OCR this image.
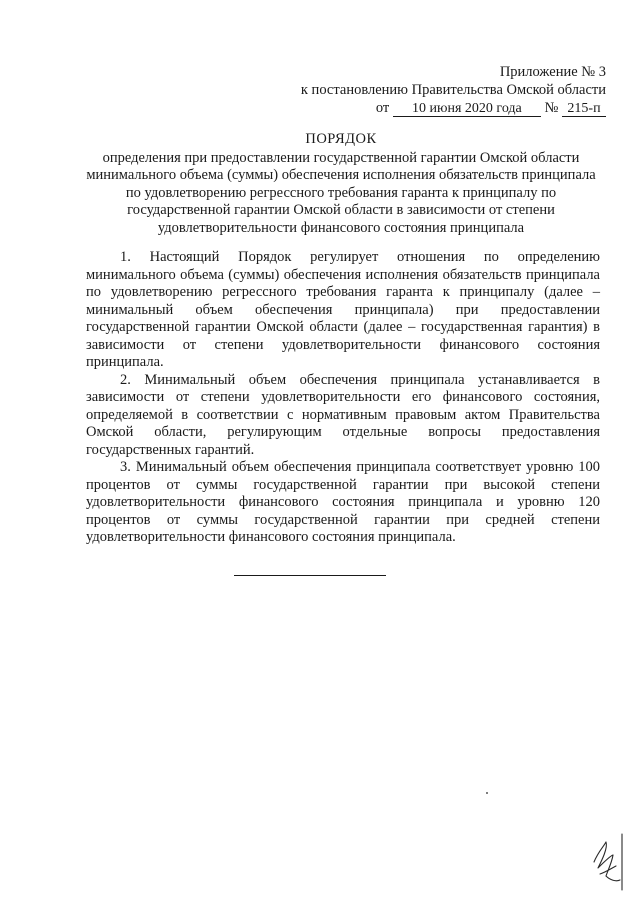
Приложение № 3
к постановлению Правительства Омской области
от 10 июня 2020 года № 215-п
ПОРЯДОК
определения при предоставлении государственной гарантии Омской области минимального объема (суммы) обеспечения исполнения обязательств принципала по удовлетворению регрессного требования гаранта к принципалу по государственной гарантии Омской области в зависимости от степени удовлетворительности финансового состояния принципала

1. Настоящий Порядок регулирует отношения по определению минимального объема (суммы) обеспечения исполнения обязательств принципала по удовлетворению регрессного требования гаранта к принципалу (далее – минимальный объем обеспечения принципала) при предоставлении государственной гарантии Омской области (далее – государственная гарантия) в зависимости от степени удовлетворительности финансового состояния принципала.

2. Минимальный объем обеспечения принципала устанавливается в зависимости от степени удовлетворительности его финансового состояния, определяемой в соответствии с нормативным правовым актом Правительства Омской области, регулирующим отдельные вопросы предоставления государственных гарантий.

3. Минимальный объем обеспечения принципала соответствует уровню 100 процентов от суммы государственной гарантии при высокой степени удовлетворительности финансового состояния принципала и уровню 120 процентов от суммы государственной гарантии при средней степени удовлетворительности финансового состояния принципала.
